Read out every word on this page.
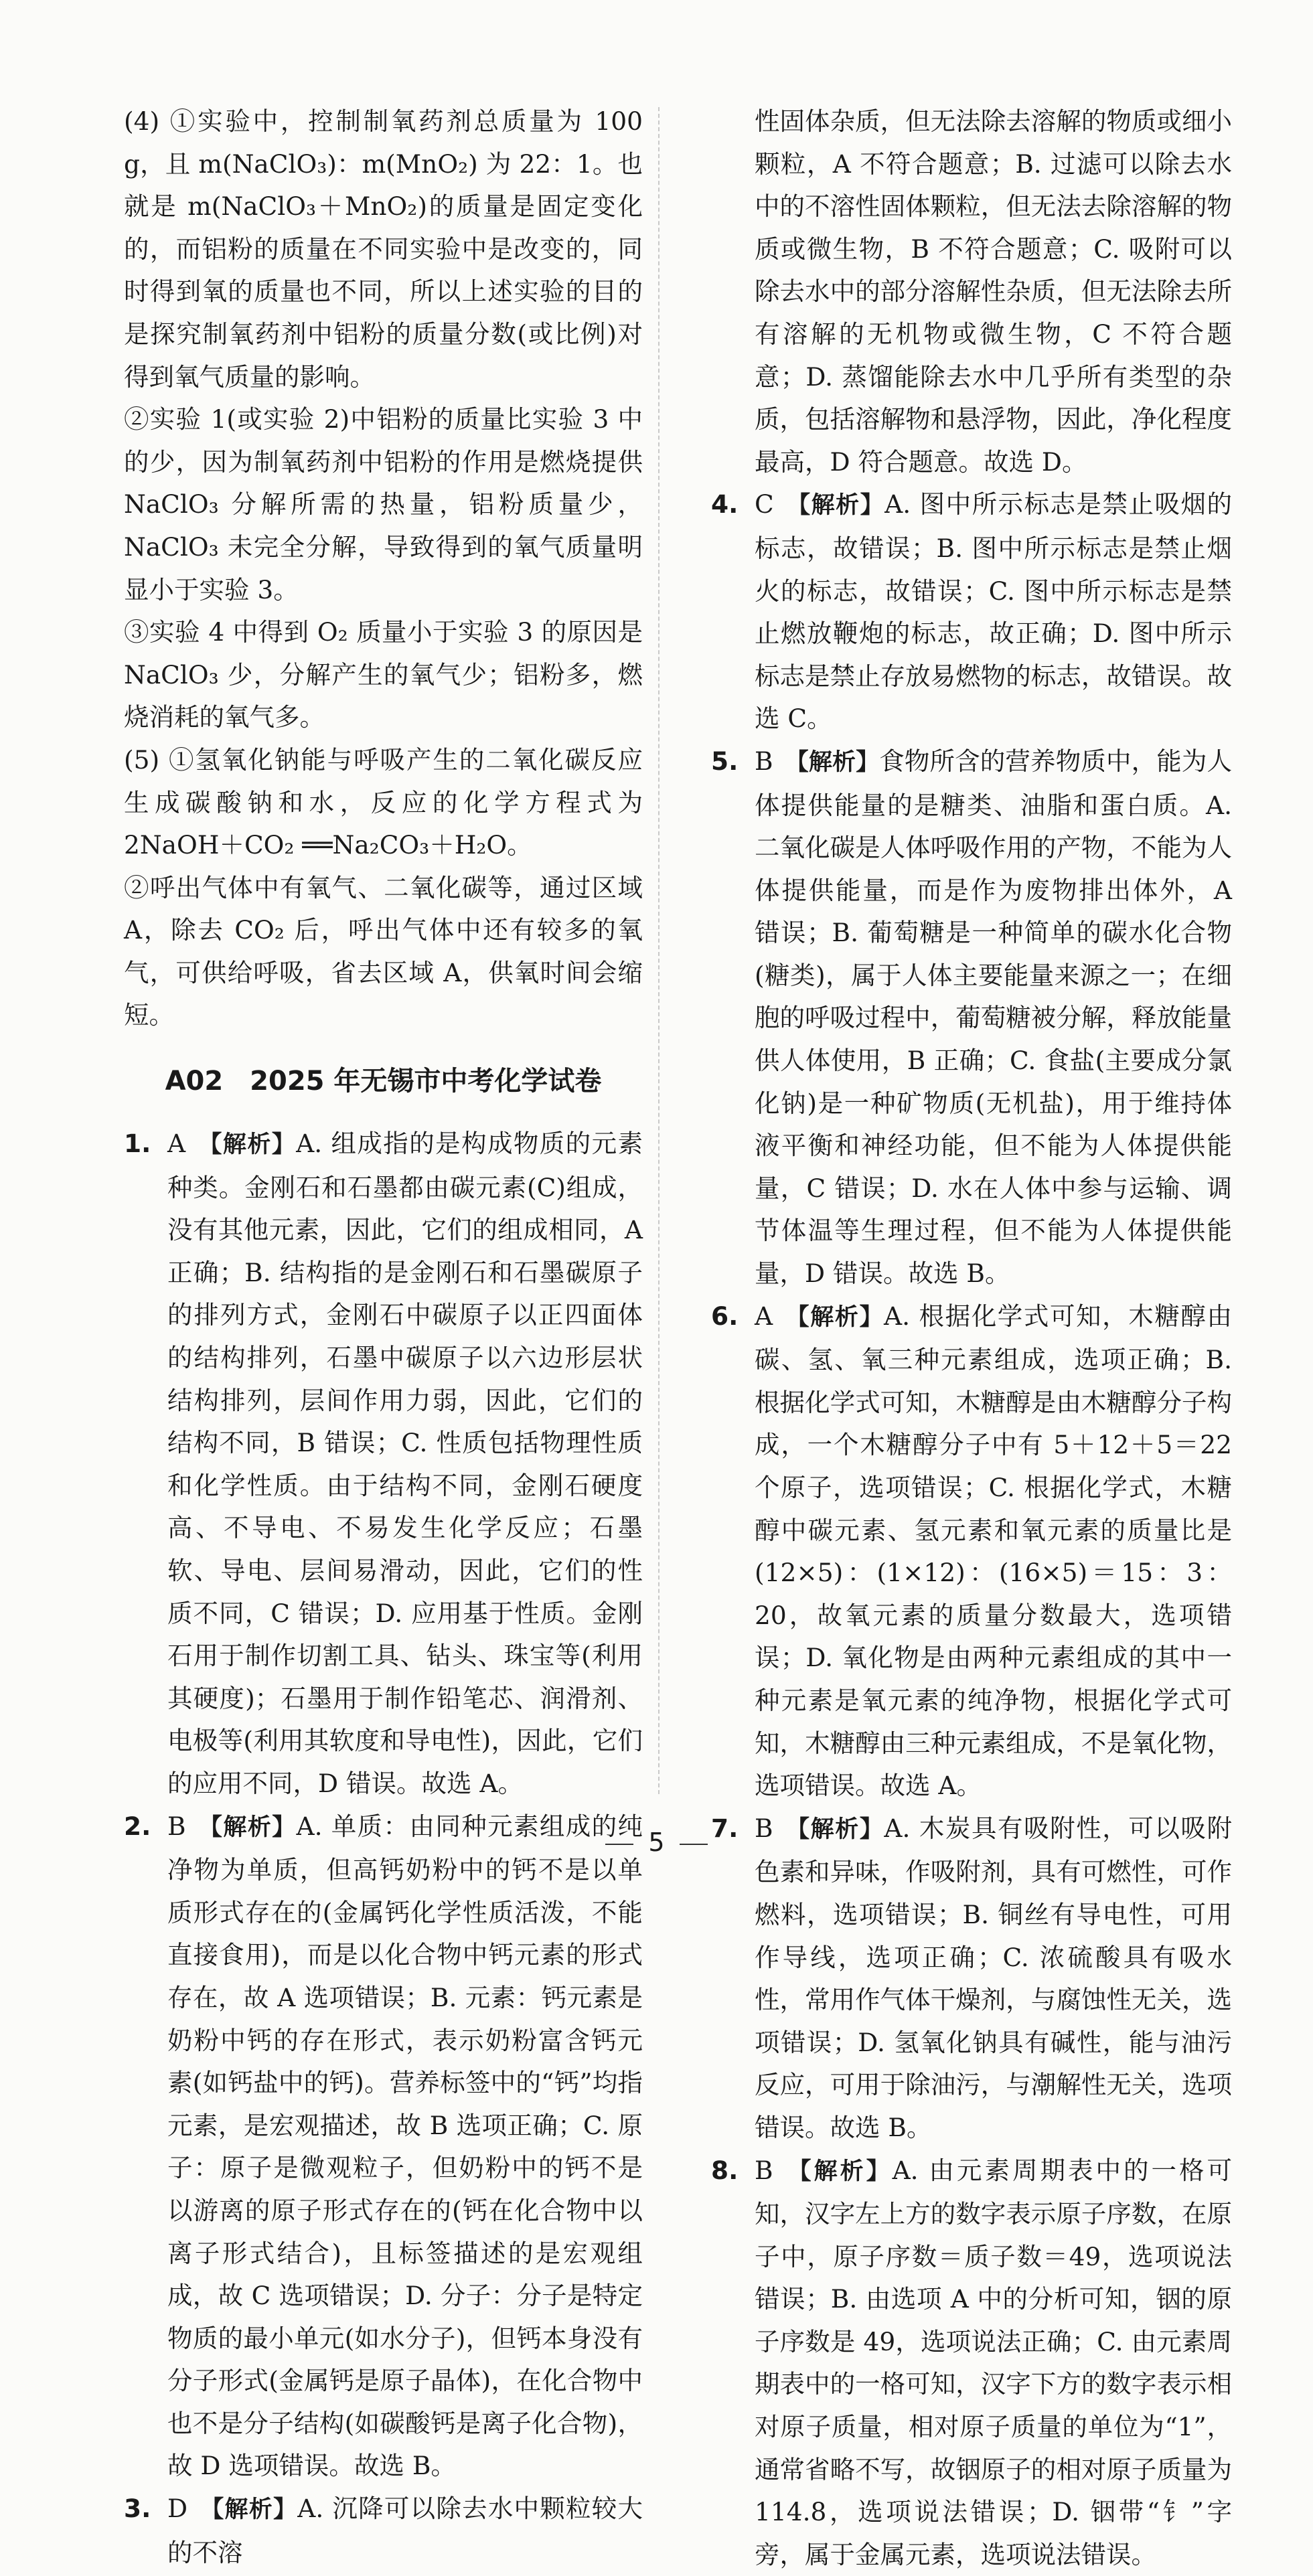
(4) ①实验中，控制制氧药剂总质量为 100 g，且 m(NaClO₃)：m(MnO₂) 为 22：1。也就是 m(NaClO₃＋MnO₂)的质量是固定变化的，而铝粉的质量在不同实验中是改变的，同时得到氧的质量也不同，所以上述实验的目的是探究制氧药剂中铝粉的质量分数(或比例)对得到氧气质量的影响。

②实验 1(或实验 2)中铝粉的质量比实验 3 中的少，因为制氧药剂中铝粉的作用是燃烧提供 NaClO₃ 分解所需的热量，铝粉质量少，NaClO₃ 未完全分解，导致得到的氧气质量明显小于实验 3。

③实验 4 中得到 O₂ 质量小于实验 3 的原因是 NaClO₃ 少，分解产生的氧气少；铝粉多，燃烧消耗的氧气多。

(5) ①氢氧化钠能与呼吸产生的二氧化碳反应生成碳酸钠和水，反应的化学方程式为 2NaOH＋CO₂ ══Na₂CO₃＋H₂O。

②呼出气体中有氧气、二氧化碳等，通过区域 A，除去 CO₂ 后，呼出气体中还有较多的氧气，可供给呼吸，省去区域 A，供氧时间会缩短。

A02　2025 年无锡市中考化学试卷
1. A 【解析】A. 组成指的是构成物质的元素种类。金刚石和石墨都由碳元素(C)组成，没有其他元素，因此，它们的组成相同，A 正确；B. 结构指的是金刚石和石墨碳原子的排列方式，金刚石中碳原子以正四面体的结构排列，石墨中碳原子以六边形层状结构排列，层间作用力弱，因此，它们的结构不同，B 错误；C. 性质包括物理性质和化学性质。由于结构不同，金刚石硬度高、不导电、不易发生化学反应；石墨软、导电、层间易滑动，因此，它们的性质不同，C 错误；D. 应用基于性质。金刚石用于制作切割工具、钻头、珠宝等(利用其硬度)；石墨用于制作铅笔芯、润滑剂、电极等(利用其软度和导电性)，因此，它们的应用不同，D 错误。故选 A。
2. B 【解析】A. 单质：由同种元素组成的纯净物为单质，但高钙奶粉中的钙不是以单质形式存在的(金属钙化学性质活泼，不能直接食用)，而是以化合物中钙元素的形式存在，故 A 选项错误；B. 元素：钙元素是奶粉中钙的存在形式，表示奶粉富含钙元素(如钙盐中的钙)。营养标签中的“钙”均指元素，是宏观描述，故 B 选项正确；C. 原子：原子是微观粒子，但奶粉中的钙不是以游离的原子形式存在的(钙在化合物中以离子形式结合)，且标签描述的是宏观组成，故 C 选项错误；D. 分子：分子是特定物质的最小单元(如水分子)，但钙本身没有分子形式(金属钙是原子晶体)，在化合物中也不是分子结构(如碳酸钙是离子化合物)，故 D 选项错误。故选 B。
3. D 【解析】A. 沉降可以除去水中颗粒较大的不溶

性固体杂质，但无法除去溶解的物质或细小颗粒，A 不符合题意；B. 过滤可以除去水中的不溶性固体颗粒，但无法去除溶解的物质或微生物，B 不符合题意；C. 吸附可以除去水中的部分溶解性杂质，但无法除去所有溶解的无机物或微生物，C 不符合题意；D. 蒸馏能除去水中几乎所有类型的杂质，包括溶解物和悬浮物，因此，净化程度最高，D 符合题意。故选 D。

4. C 【解析】A. 图中所示标志是禁止吸烟的标志，故错误；B. 图中所示标志是禁止烟火的标志，故错误；C. 图中所示标志是禁止燃放鞭炮的标志，故正确；D. 图中所示标志是禁止存放易燃物的标志，故错误。故选 C。
5. B 【解析】食物所含的营养物质中，能为人体提供能量的是糖类、油脂和蛋白质。A. 二氧化碳是人体呼吸作用的产物，不能为人体提供能量，而是作为废物排出体外，A 错误；B. 葡萄糖是一种简单的碳水化合物(糖类)，属于人体主要能量来源之一；在细胞的呼吸过程中，葡萄糖被分解，释放能量供人体使用，B 正确；C. 食盐(主要成分氯化钠)是一种矿物质(无机盐)，用于维持体液平衡和神经功能，但不能为人体提供能量，C 错误；D. 水在人体中参与运输、调节体温等生理过程，但不能为人体提供能量，D 错误。故选 B。
6. A 【解析】A. 根据化学式可知，木糖醇由碳、氢、氧三种元素组成，选项正确；B. 根据化学式可知，木糖醇是由木糖醇分子构成，一个木糖醇分子中有 5＋12＋5＝22 个原子，选项错误；C. 根据化学式，木糖醇中碳元素、氢元素和氧元素的质量比是(12×5)：(1×12)：(16×5)＝15：3：20，故氧元素的质量分数最大，选项错误；D. 氧化物是由两种元素组成的其中一种元素是氧元素的纯净物，根据化学式可知，木糖醇由三种元素组成，不是氧化物，选项错误。故选 A。
7. B 【解析】A. 木炭具有吸附性，可以吸附色素和异味，作吸附剂，具有可燃性，可作燃料，选项错误；B. 铜丝有导电性，可用作导线，选项正确；C. 浓硫酸具有吸水性，常用作气体干燥剂，与腐蚀性无关，选项错误；D. 氢氧化钠具有碱性，能与油污反应，可用于除油污，与潮解性无关，选项错误。故选 B。
8. B 【解析】A. 由元素周期表中的一格可知，汉字左上方的数字表示原子序数，在原子中，原子序数＝质子数＝49，选项说法错误；B. 由选项 A 中的分析可知，铟的原子序数是 49，选项说法正确；C. 由元素周期表中的一格可知，汉字下方的数字表示相对原子质量，相对原子质量的单位为“1”，通常省略不写，故铟原子的相对原子质量为 114.8，选项说法错误；D. 铟带“钅”字旁，属于金属元素，选项说法错误。
5
